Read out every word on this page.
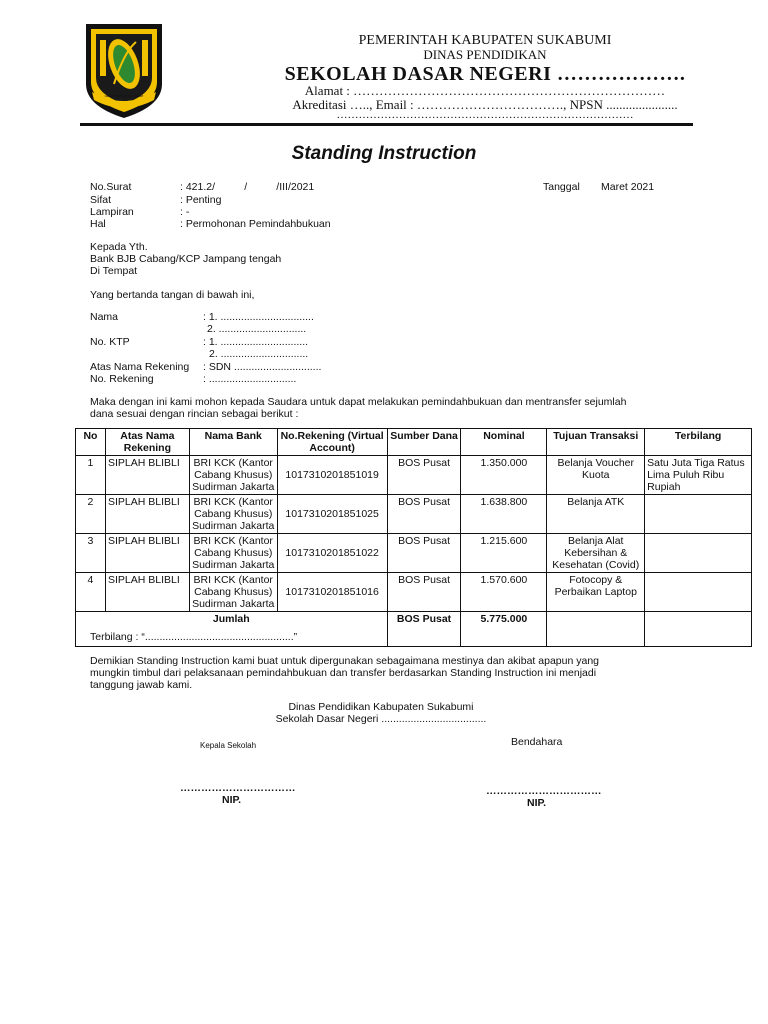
GEMAH RIPAH LOH JINAWI
PEMERINTAH KABUPATEN SUKABUMI
DINAS PENDIDIKAN
SEKOLAH DASAR NEGERI ……………….
Alamat : ………………………………………………………………
Akreditasi ….., Email : ……………………………., NPSN ......................
………………………………………………………………………
Standing Instruction
No.Surat	: 421.2/          /          /III/2021
Sifat	: Penting
Lampiran	: -
Hal	: Permohonan Pemindahbukuan
Tanggal Maret 2021
Kepada Yth.
Bank BJB Cabang/KCP Jampang tengah
Di Tempat
Yang bertanda tangan di bawah ini,
Nama	: 1. ................................
2. ..............................
No. KTP	: 1. ..............................
2. ..............................
Atas Nama Rekening : SDN ..............................
No. Rekening	: ..............................
Maka dengan ini kami mohon kepada Saudara untuk dapat melakukan pemindahbukuan dan mentransfer sejumlah
dana sesuai dengan rincian sebagai berikut :
No	Atas Nama Rekening	Nama Bank	No.Rekening (Virtual Account)	Sumber Dana	Nominal	Tujuan Transaksi	Terbilang
1	SIPLAH BLIBLI	BRI KCK (Kantor Cabang Khusus) Sudirman Jakarta	1017310201851019	BOS Pusat	1.350.000	Belanja Voucher Kuota	Satu Juta Tiga Ratus Lima Puluh Ribu Rupiah
2	SIPLAH BLIBLI	BRI KCK (Kantor Cabang Khusus) Sudirman Jakarta	1017310201851025	BOS Pusat	1.638.800	Belanja ATK	
3	SIPLAH BLIBLI	BRI KCK (Kantor Cabang Khusus) Sudirman Jakarta	1017310201851022	BOS Pusat	1.215.600	Belanja Alat Kebersihan & Kesehatan (Covid)	
4	SIPLAH BLIBLI	BRI KCK (Kantor Cabang Khusus) Sudirman Jakarta	1017310201851016	BOS Pusat	1.570.600	Fotocopy & Perbaikan Laptop	
Jumlah				BOS Pusat	5.775.000		
Terbilang : “...................................................”
Demikian Standing Instruction kami buat untuk dipergunakan sebagaimana mestinya dan akibat apapun yang
mungkin timbul dari pelaksanaan pemindahbukuan dan transfer berdasarkan Standing Instruction ini menjadi
tanggung jawab kami.
Dinas Pendidikan Kabupaten Sukabumi
Sekolah Dasar Negeri ....................................
Kepala Sekolah	Bendahara
……………………………
NIP.
……………………………
NIP.
